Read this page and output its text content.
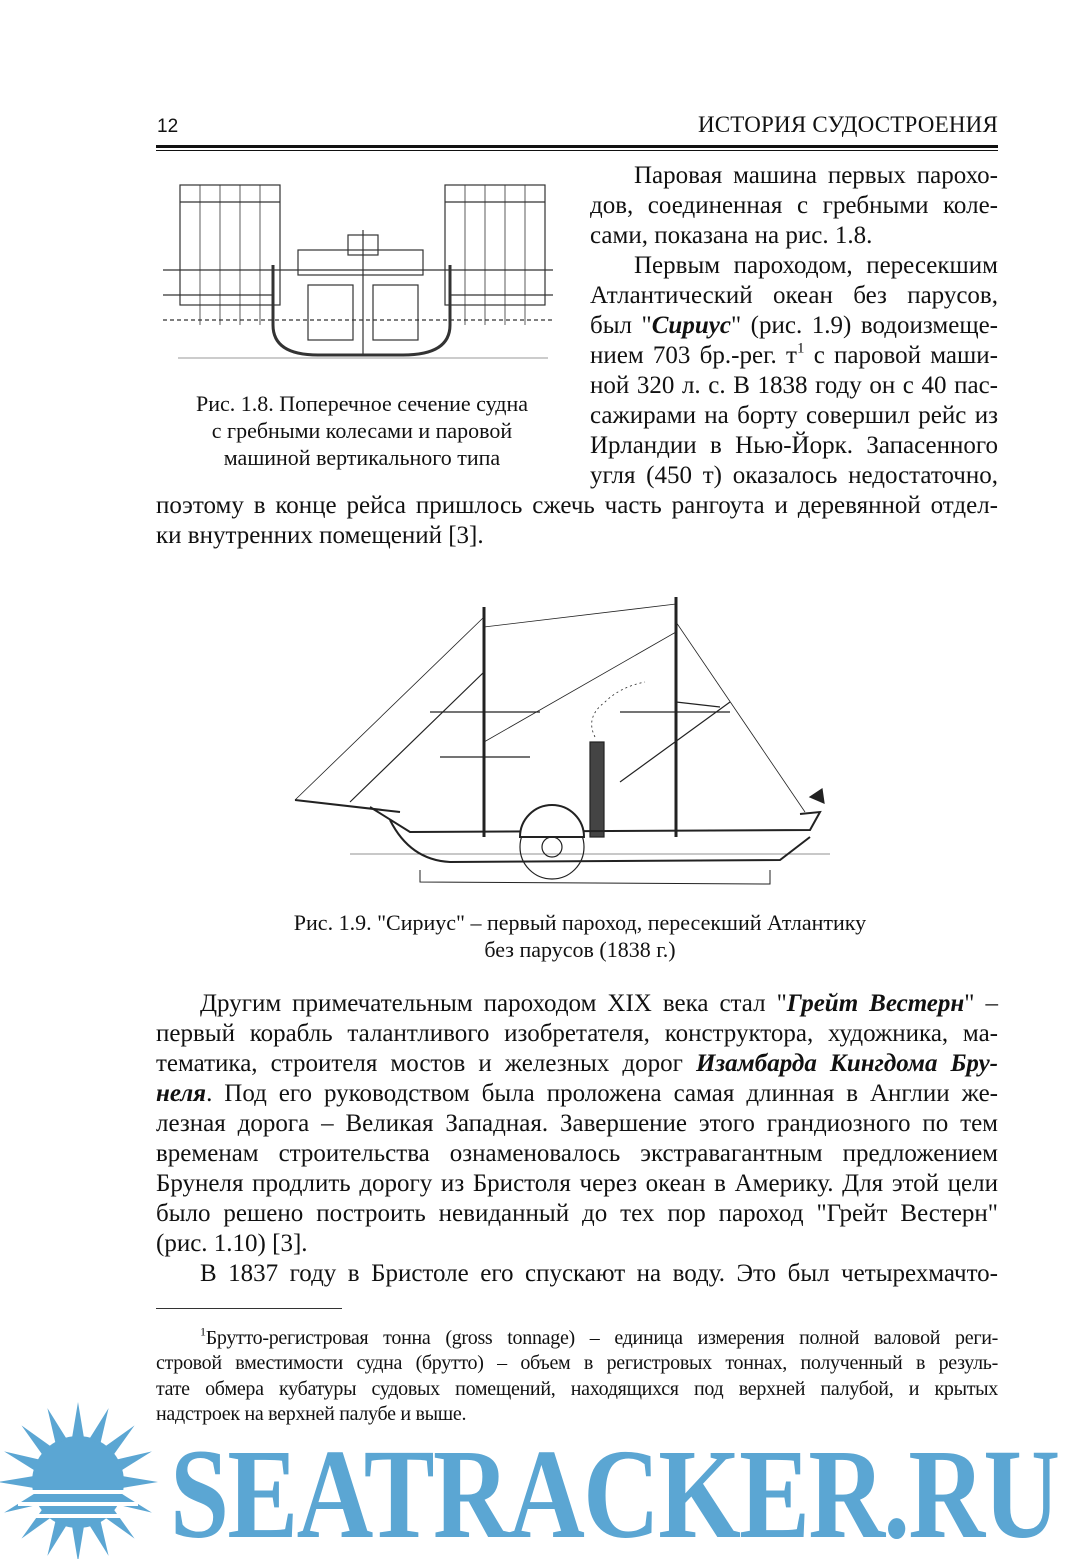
12	ИСТОРИЯ СУДОСТРОЕНИЯ
Рис. 1.8. Поперечное сечение судна
с гребными колесами и паровой
машиной вертикального типа
Паровая машина первых парохо-
дов, соединенная с гребными коле-
сами, показана на рис. 1.8.
Первым пароходом, пересекшим
Атлантический океан без парусов,
был "Сириус" (рис. 1.9) водоизмеще-
нием 703 бр.-рег. $т^1$ с паровой маши-
ной 320 л. с. В 1838 году он с 40 пас-
сажирами на борту совершил рейс из
Ирландии в Нью-Йорк. Запасенного
угля (450 т) оказалось недостаточно,
поэтому в конце рейса пришлось сжечь часть рангоута и деревянной отдел-
ки внутренних помещений [3].
Рис. 1.9. "Сириус" – первый пароход, пересекший Атлантику
без парусов (1838 г.)
Другим примечательным пароходом XIX века стал "Грейт Вестерн" –
первый корабль талантливого изобретателя, конструктора, художника, ма-
тематика, строителя мостов и железных дорог Изамбарда Кингдома Бру-
неля. Под его руководством была проложена самая длинная в Англии же-
лезная дорога – Великая Западная. Завершение этого грандиозного по тем
временам строительства ознаменовалось экстравагантным предложением
Брунеля продлить дорогу из Бристоля через океан в Америку. Для этой цели
было решено построить невиданный до тех пор пароход "Грейт Вестерн"
(рис. 1.10) [3].
В 1837 году в Бристоле его спускают на воду. Это был четырехмачто-
$^1$Брутто-регистровая тонна (gross tonnage) – единица измерения полной валовой реги-
стровой вместимости судна (брутто) – объем в регистровых тоннах, полученный в резуль-
тате обмера кубатуры судовых помещений, находящихся под верхней палубой, и крытых
надстроек на верхней палубе и выше.
SEATRACKER.RU
